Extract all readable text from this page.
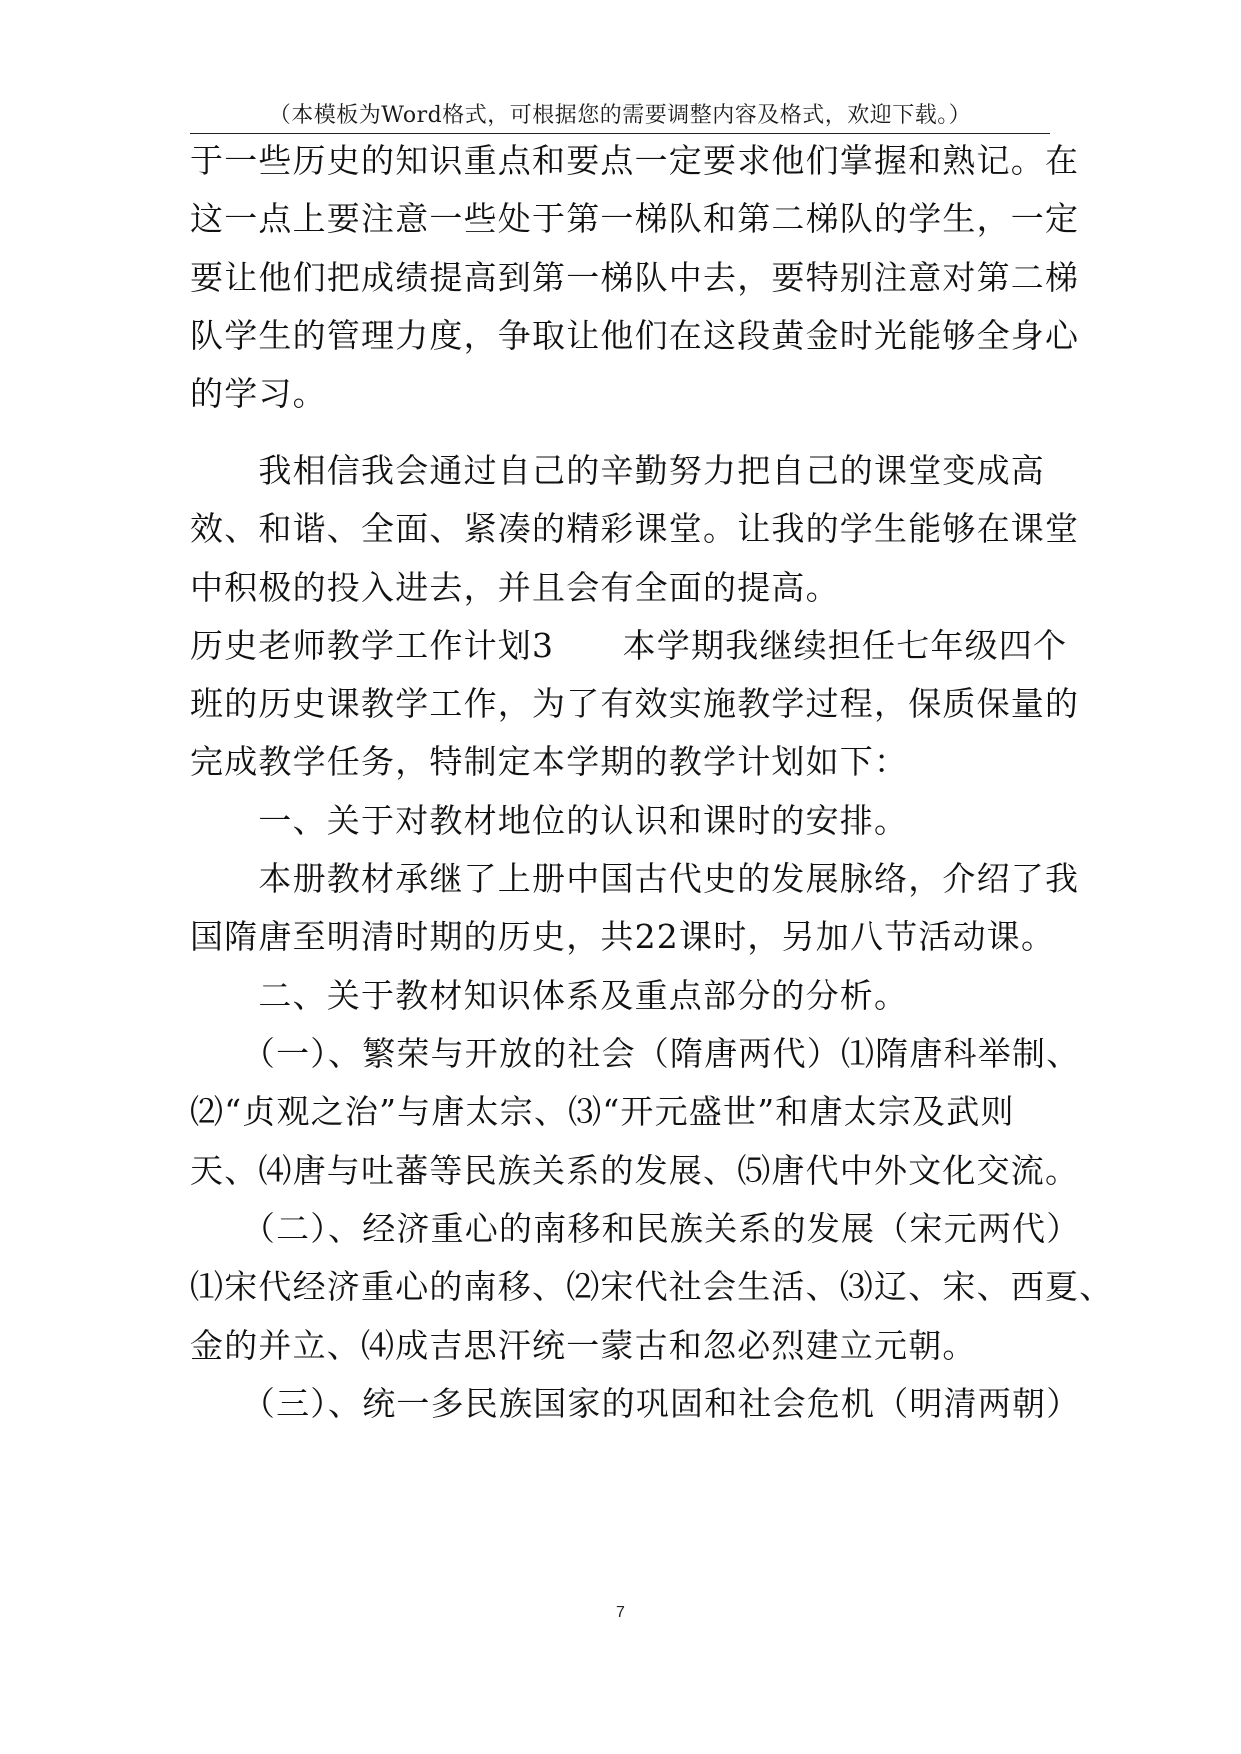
（本模板为Word格式，可根据您的需要调整内容及格式，欢迎下载。）
于一些历史的知识重点和要点一定要求他们掌握和熟记。在
这一点上要注意一些处于第一梯队和第二梯队的学生，一定
要让他们把成绩提高到第一梯队中去，要特别注意对第二梯
队学生的管理力度，争取让他们在这段黄金时光能够全身心
的学习。
　　我相信我会通过自己的辛勤努力把自己的课堂变成高
效、和谐、全面、紧凑的精彩课堂。让我的学生能够在课堂
中积极的投入进去，并且会有全面的提高。
历史老师教学工作计划3　　本学期我继续担任七年级四个
班的历史课教学工作，为了有效实施教学过程，保质保量的
完成教学任务，特制定本学期的教学计划如下：
　　一、关于对教材地位的认识和课时的安排。
　　本册教材承继了上册中国古代史的发展脉络，介绍了我
国隋唐至明清时期的历史，共22课时，另加八节活动课。
　　二、关于教材知识体系及重点部分的分析。
　　（一）、繁荣与开放的社会（隋唐两代）⑴隋唐科举制、
⑵“贞观之治”与唐太宗、⑶“开元盛世”和唐太宗及武则
天、⑷唐与吐蕃等民族关系的发展、⑸唐代中外文化交流。
　　（二）、经济重心的南移和民族关系的发展（宋元两代）
⑴宋代经济重心的南移、⑵宋代社会生活、⑶辽、宋、西夏、
金的并立、⑷成吉思汗统一蒙古和忽必烈建立元朝。
　　（三）、统一多民族国家的巩固和社会危机（明清两朝）
7
